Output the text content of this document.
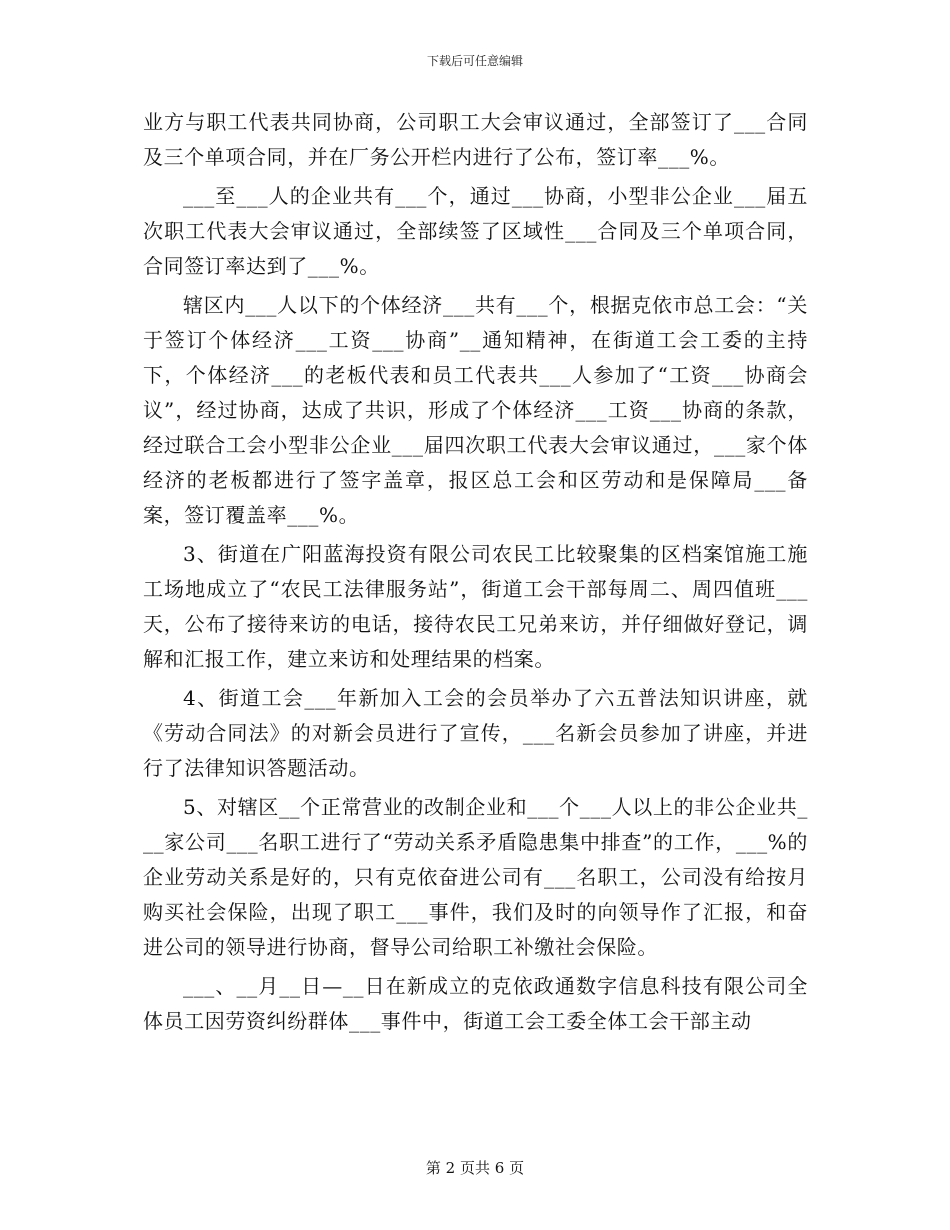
下载后可任意编辑

业方与职工代表共同协商，公司职工大会审议通过，全部签订了___合同及三个单项合同，并在厂务公开栏内进行了公布，签订率___%。

___至___人的企业共有___个，通过___协商，小型非公企业___届五次职工代表大会审议通过，全部续签了区域性___合同及三个单项合同，合同签订率达到了___%。

辖区内___人以下的个体经济___共有___个，根据克依市总工会：“关于签订个体经济___工资___协商”__通知精神，在街道工会工委的主持下，个体经济___的老板代表和员工代表共___人参加了“工资___协商会议”，经过协商，达成了共识，形成了个体经济___工资___协商的条款，经过联合工会小型非公企业___届四次职工代表大会审议通过，___家个体经济的老板都进行了签字盖章，报区总工会和区劳动和是保障局___备案，签订覆盖率___%。

3、街道在广阳蓝海投资有限公司农民工比较聚集的区档案馆施工施工场地成立了“农民工法律服务站”，街道工会干部每周二、周四值班___天，公布了接待来访的电话，接待农民工兄弟来访，并仔细做好登记，调解和汇报工作，建立来访和处理结果的档案。

4、街道工会___年新加入工会的会员举办了六五普法知识讲座，就《劳动合同法》的对新会员进行了宣传，___名新会员参加了讲座，并进行了法律知识答题活动。

5、对辖区__个正常营业的改制企业和___个___人以上的非公企业共___家公司___名职工进行了“劳动关系矛盾隐患集中排查”的工作，___%的企业劳动关系是好的，只有克依奋进公司有___名职工，公司没有给按月购买社会保险，出现了职工___事件，我们及时的向领导作了汇报，和奋进公司的领导进行协商，督导公司给职工补缴社会保险。

___、__月__日—__日在新成立的克依政通数字信息科技有限公司全体员工因劳资纠纷群体___事件中，街道工会工委全体工会干部主动

第 2 页共 6 页
